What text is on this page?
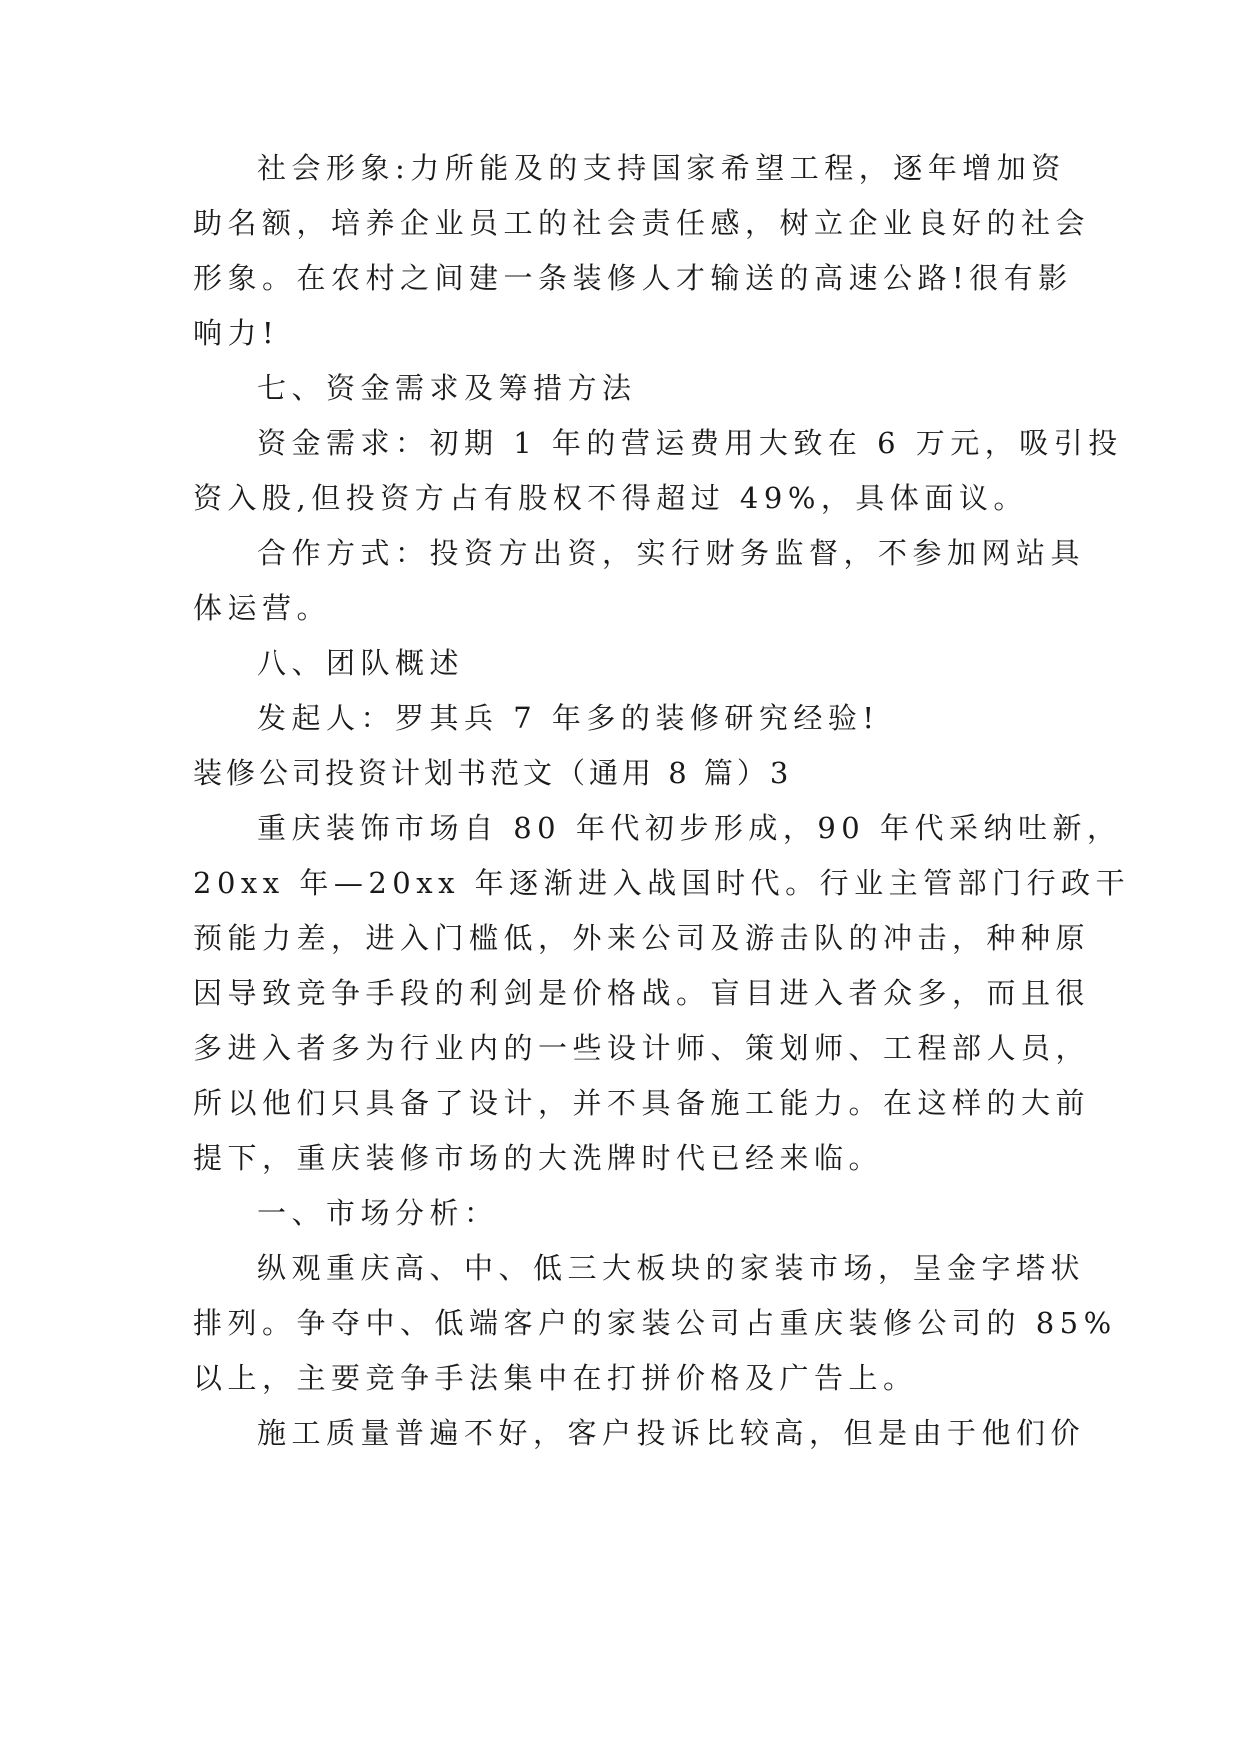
社会形象:力所能及的支持国家希望工程，逐年增加资
助名额，培养企业员工的社会责任感，树立企业良好的社会
形象。在农村之间建一条装修人才输送的高速公路!很有影
响力!
七、资金需求及筹措方法
资金需求：初期 1 年的营运费用大致在 6 万元，吸引投
资入股,但投资方占有股权不得超过 49%，具体面议。
合作方式：投资方出资，实行财务监督，不参加网站具
体运营。
八、团队概述
发起人：罗其兵 7 年多的装修研究经验!
装修公司投资计划书范文（通用 8 篇）3
重庆装饰市场自 80 年代初步形成，90 年代采纳吐新，
20xx 年—20xx 年逐渐进入战国时代。行业主管部门行政干
预能力差，进入门槛低，外来公司及游击队的冲击，种种原
因导致竞争手段的利剑是价格战。盲目进入者众多，而且很
多进入者多为行业内的一些设计师、策划师、工程部人员，
所以他们只具备了设计，并不具备施工能力。在这样的大前
提下，重庆装修市场的大洗牌时代已经来临。
一、市场分析：
纵观重庆高、中、低三大板块的家装市场，呈金字塔状
排列。争夺中、低端客户的家装公司占重庆装修公司的 85%
以上，主要竞争手法集中在打拼价格及广告上。
施工质量普遍不好，客户投诉比较高，但是由于他们价
